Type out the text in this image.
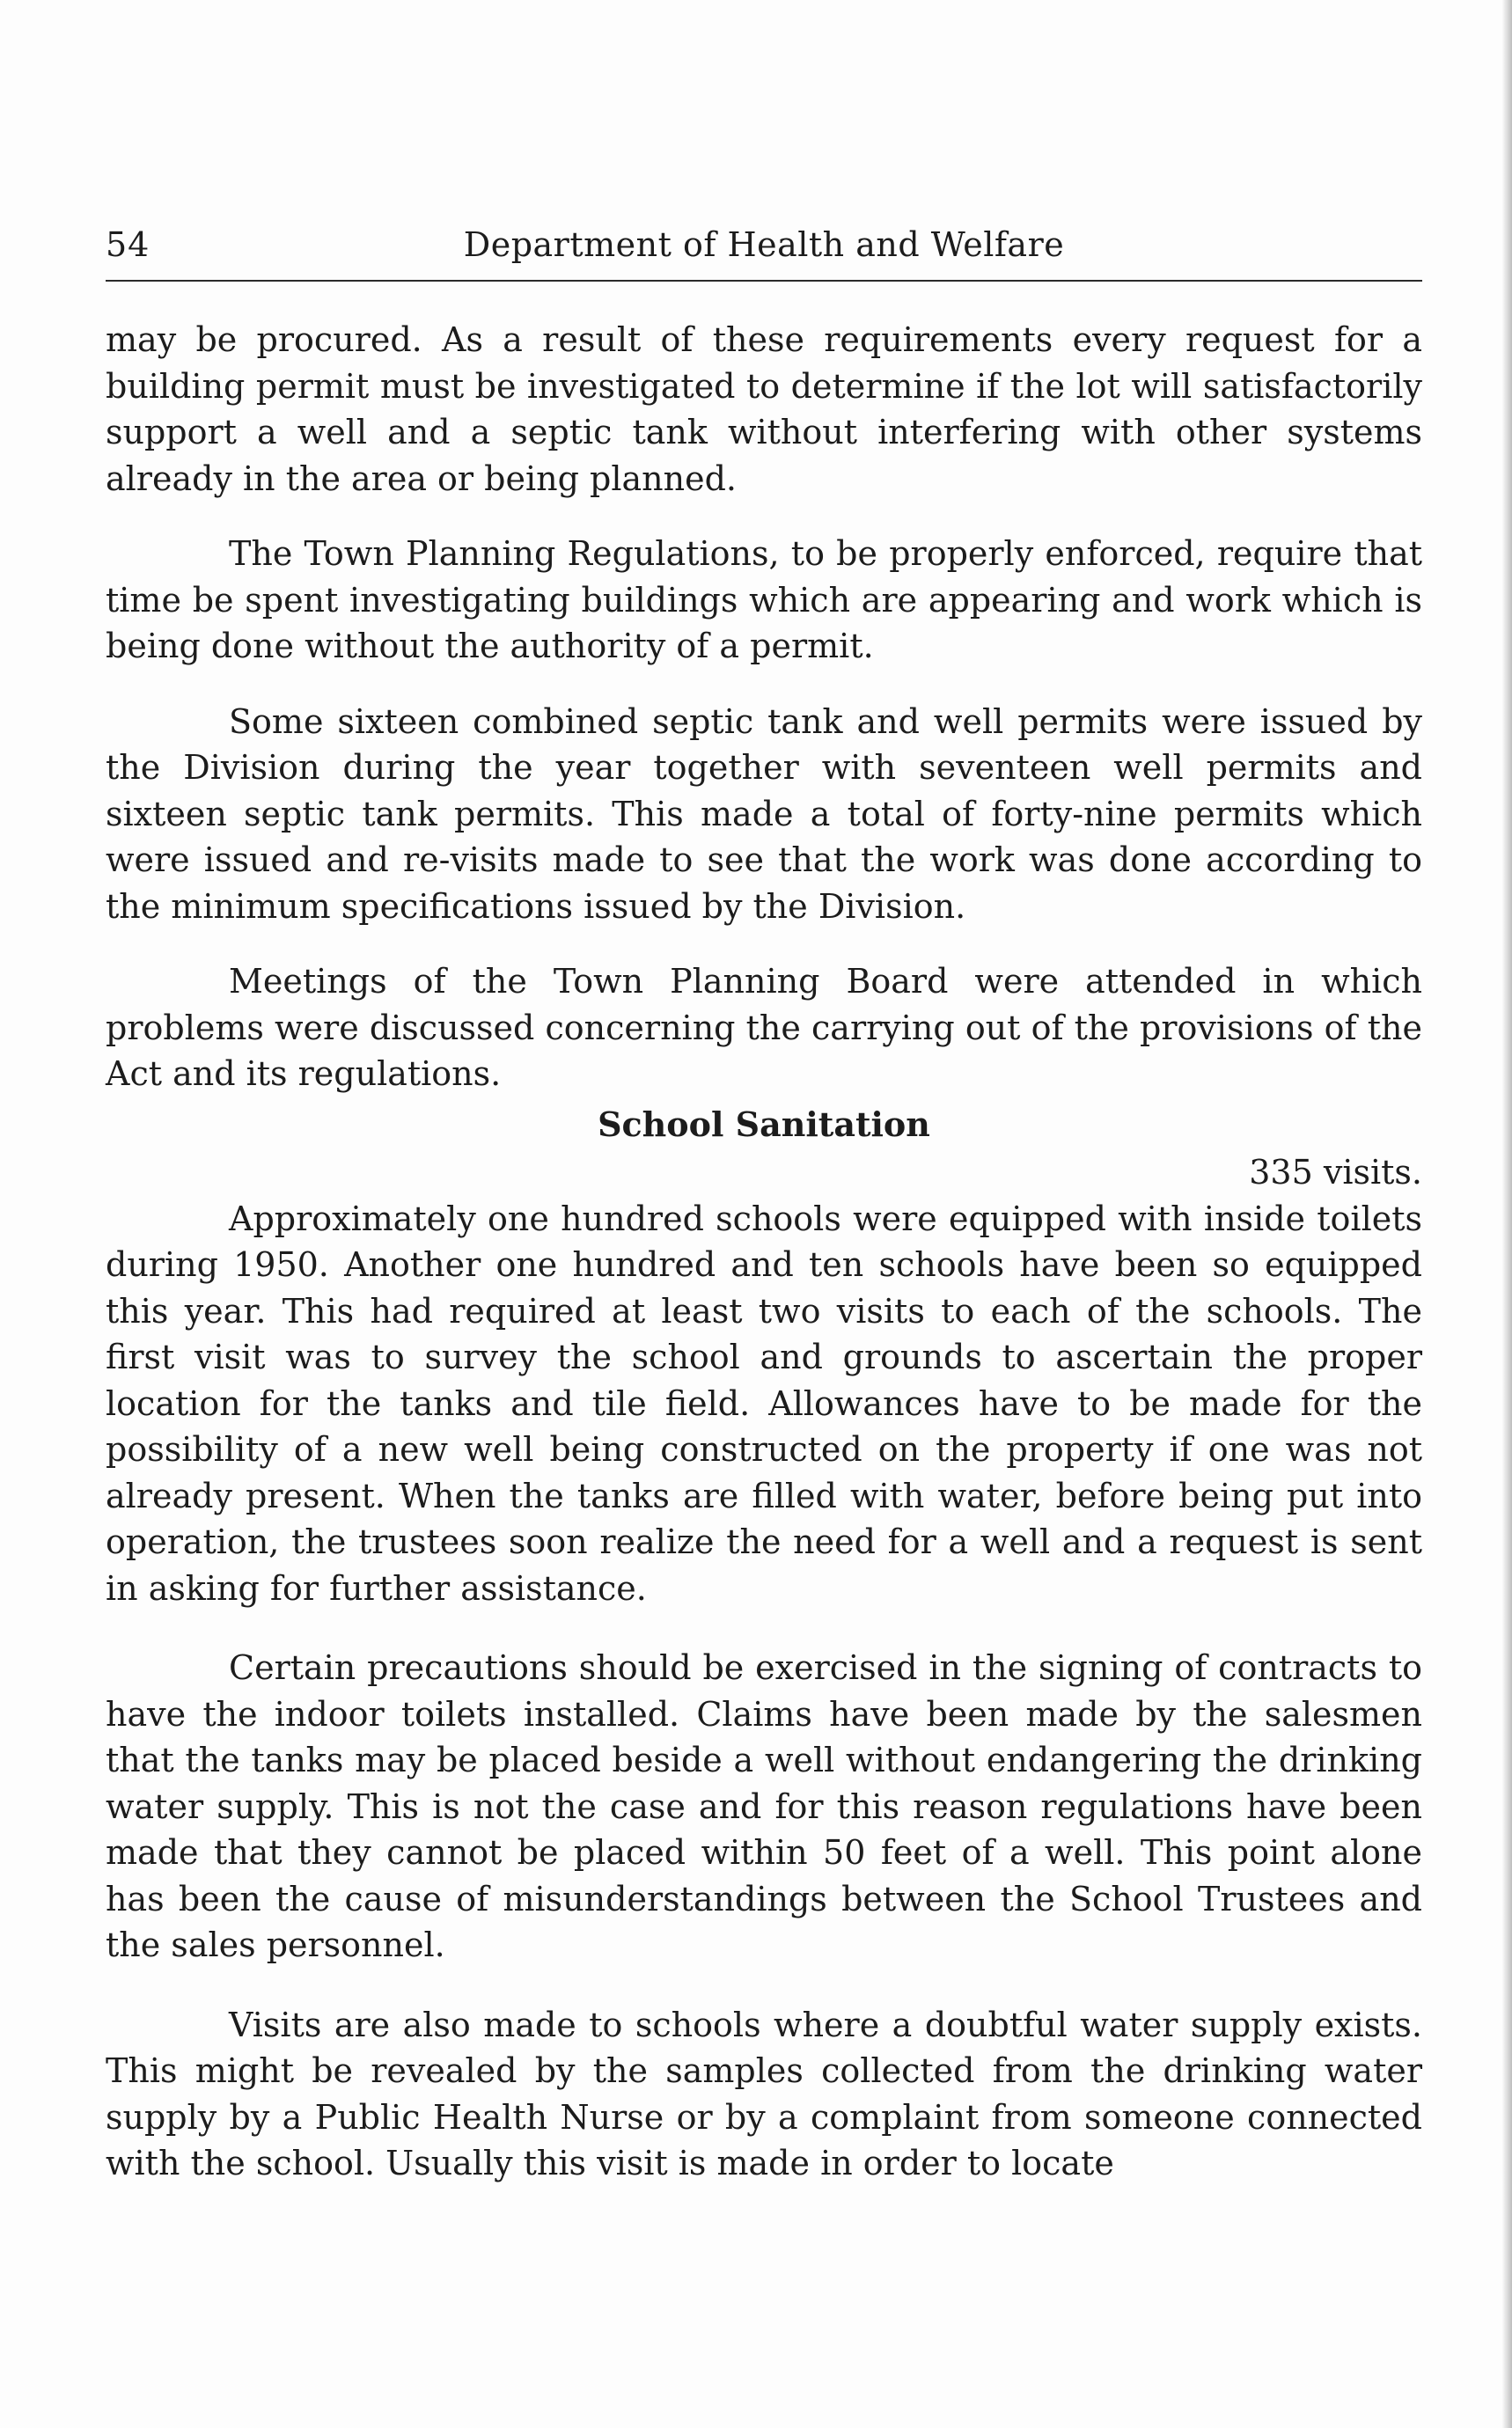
54	Department of Health and Welfare

may be procured. As a result of these requirements every request for a building permit must be investigated to determine if the lot will satisfactorily support a well and a septic tank without interfering with other systems already in the area or being planned.

The Town Planning Regulations, to be properly enforced, require that time be spent investigating buildings which are appearing and work which is being done without the authority of a permit.

Some sixteen combined septic tank and well permits were issued by the Division during the year together with seventeen well permits and sixteen septic tank permits. This made a total of forty-nine permits which were issued and re-visits made to see that the work was done according to the minimum specifications issued by the Division.

Meetings of the Town Planning Board were attended in which problems were discussed concerning the carrying out of the provisions of the Act and its regulations.

School Sanitation

335 visits.

Approximately one hundred schools were equipped with inside toilets during 1950. Another one hundred and ten schools have been so equipped this year. This had required at least two visits to each of the schools. The first visit was to survey the school and grounds to ascertain the proper location for the tanks and tile field. Allowances have to be made for the possibility of a new well being constructed on the property if one was not already present. When the tanks are filled with water, before being put into operation, the trustees soon realize the need for a well and a request is sent in asking for further assistance.

Certain precautions should be exercised in the signing of contracts to have the indoor toilets installed. Claims have been made by the salesmen that the tanks may be placed beside a well without endangering the drinking water supply. This is not the case and for this reason regulations have been made that they cannot be placed within 50 feet of a well. This point alone has been the cause of misunderstandings between the School Trustees and the sales personnel.

Visits are also made to schools where a doubtful water supply exists. This might be revealed by the samples collected from the drinking water supply by a Public Health Nurse or by a complaint from someone connected with the school. Usually this visit is made in order to locate
